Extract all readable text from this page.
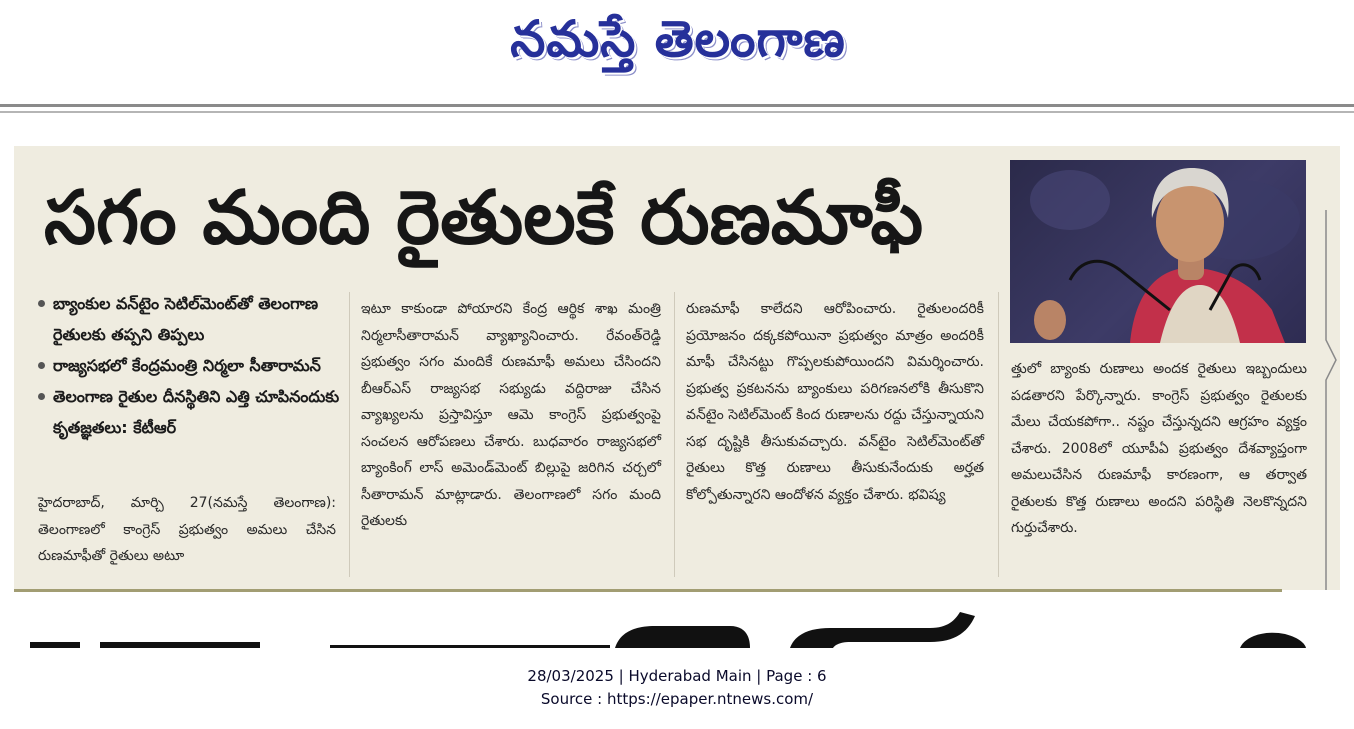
నమస్తే తెలంగాణ
సగం మంది రైతులకే రుణమాఫీ
బ్యాంకుల వన్‌టైం సెటిల్‌మెంట్‌తో తెలంగాణ రైతులకు తప్పని తిప్పలు
రాజ్యసభలో కేంద్రమంత్రి నిర్మలా సీతారామన్
తెలంగాణ రైతుల దీనస్థితిని ఎత్తి చూపినందుకు కృతజ్ఞతలు: కేటీఆర్
హైదరాబాద్, మార్చి 27(నమస్తే తెలంగాణ): తెలంగాణలో కాంగ్రెస్ ప్రభుత్వం అమలు చేసిన రుణమాఫీతో రైతులు అటూ
ఇటూ కాకుండా పోయారని కేంద్ర ఆర్థిక శాఖ మంత్రి నిర్మలాసీతారామన్ వ్యాఖ్యానించారు. రేవంత్‌రెడ్డి ప్రభుత్వం సగం మందికే రుణమాఫీ అమలు చేసిందని బీఆర్‌ఎస్ రాజ్యసభ సభ్యుడు వద్దిరాజు చేసిన వ్యాఖ్యలను ప్రస్తావిస్తూ ఆమె కాంగ్రెస్ ప్రభుత్వంపై సంచలన ఆరోపణలు చేశారు. బుధవారం రాజ్యసభలో బ్యాంకింగ్ లాస్ అమెండ్‌మెంట్ బిల్లుపై జరిగిన చర్చలో సీతారామన్ మాట్లాడారు. తెలంగాణలో సగం మంది రైతులకు
రుణమాఫీ కాలేదని ఆరోపించారు. రైతులందరికీ ప్రయోజనం దక్కకపోయినా ప్రభుత్వం మాత్రం అందరికీ మాఫీ చేసినట్టు గొప్పలకుపోయిందని విమర్శించారు. ప్రభుత్వ ప్రకటనను బ్యాంకులు పరిగణనలోకి తీసుకొని వన్‌టైం సెటిల్‌మెంట్ కింద రుణాలను రద్దు చేస్తున్నాయని సభ దృష్టికి తీసుకువచ్చారు. వన్‌టైం సెటిల్‌మెంట్‌తో రైతులు కొత్త రుణాలు తీసుకునేందుకు అర్హత కోల్పోతున్నారని ఆందోళన వ్యక్తం చేశారు. భవిష్య
త్తులో బ్యాంకు రుణాలు అందక రైతులు ఇబ్బందులు పడతారని పేర్కొన్నారు. కాంగ్రెస్ ప్రభుత్వం రైతులకు మేలు చేయకపోగా.. నష్టం చేస్తున్నదని ఆగ్రహం వ్యక్తం చేశారు. 2008లో యూపీఏ ప్రభుత్వం దేశవ్యాప్తంగా అమలుచేసిన రుణమాఫీ కారణంగా, ఆ తర్వాత రైతులకు కొత్త రుణాలు అందని పరిస్థితి నెలకొన్నదని గుర్తుచేశారు.
28/03/2025 | Hyderabad Main | Page : 6
Source : https://epaper.ntnews.com/
